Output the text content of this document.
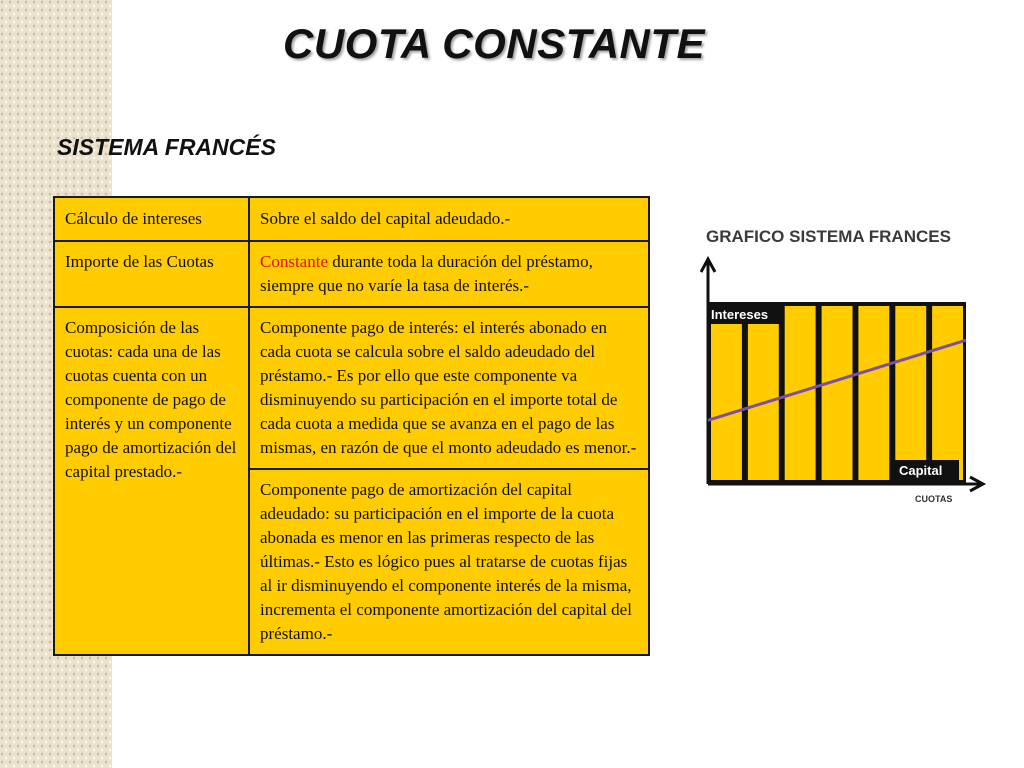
CUOTA CONSTANTE
SISTEMA FRANCÉS
Cálculo de intereses	Sobre el saldo del capital adeudado.-
Importe de las Cuotas	Constante durante toda la duración del préstamo, siempre que no varíe la tasa de interés.-
Composición de las cuotas: cada una de las cuotas cuenta con un componente de pago de interés y un componente pago de amortización del capital prestado.-	Componente pago de interés: el interés abonado en cada cuota se calcula sobre el saldo adeudado del préstamo.- Es por ello que este componente va disminuyendo su participación en el importe total de cada cuota a medida que se avanza en el pago de las mismas, en razón de que el monto adeudado es menor.-
	Componente pago de amortización del capital adeudado: su participación en el importe de la cuota abonada es menor en las primeras respecto de las últimas.- Esto es lógico pues al tratarse de cuotas fijas al ir disminuyendo el componente interés de la misma, incrementa el componente amortización del capital del préstamo.-
GRAFICO SISTEMA FRANCES
Intereses
Capital
CUOTAS
